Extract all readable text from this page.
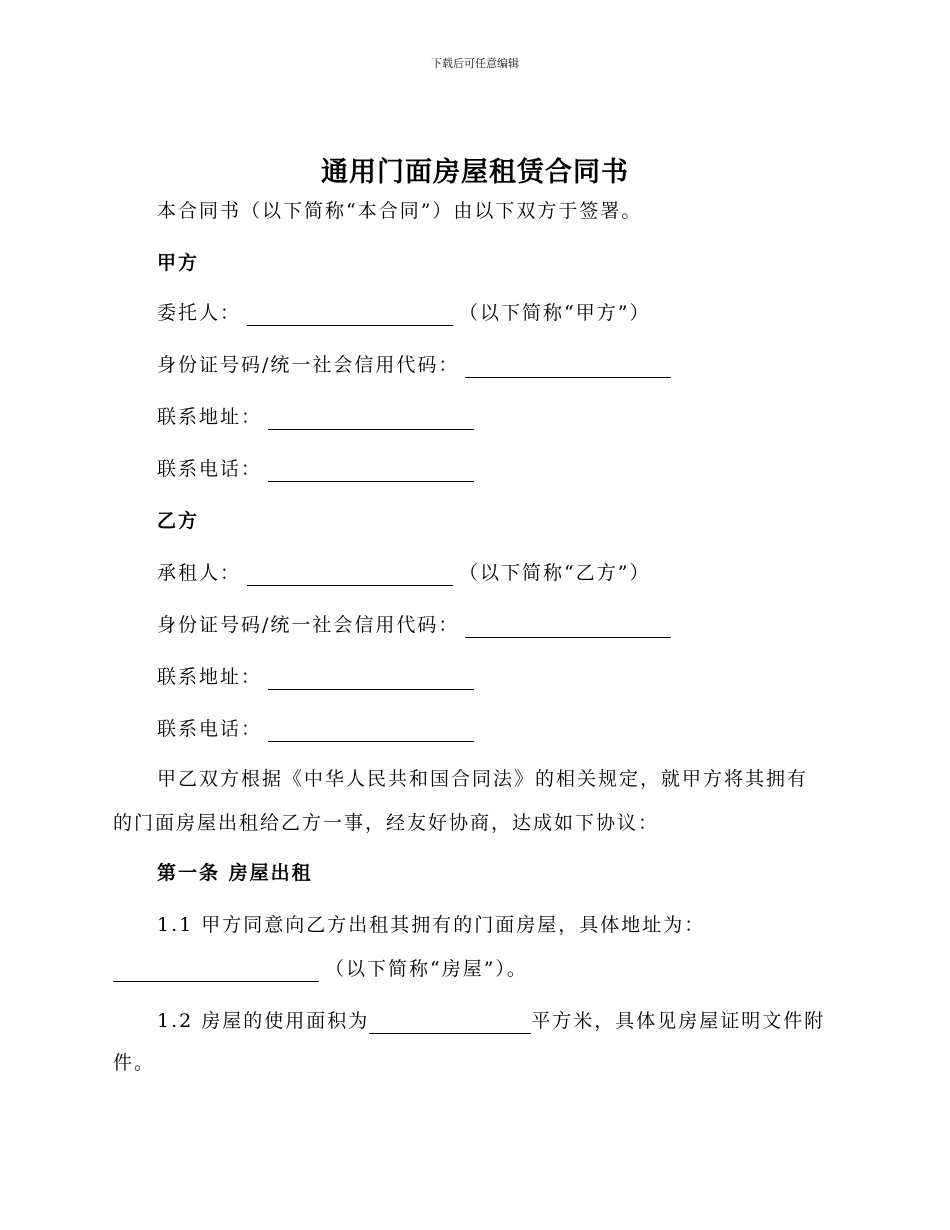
下载后可任意编辑
通用门面房屋租赁合同书
本合同书（以下简称“本合同”）由以下双方于签署。
甲方
委托人：	（以下简称“甲方”）
身份证号码/统一社会信用代码：
联系地址：
联系电话：
乙方
承租人：	（以下简称“乙方”）
身份证号码/统一社会信用代码：
联系地址：
联系电话：
甲乙双方根据《中华人民共和国合同法》的相关规定，就甲方将其拥有
的门面房屋出租给乙方一事，经友好协商，达成如下协议：
第一条 房屋出租
1.1 甲方同意向乙方出租其拥有的门面房屋，具体地址为：
（以下简称“房屋”）。
1.2 房屋的使用面积为	平方米，具体见房屋证明文件附
件。
